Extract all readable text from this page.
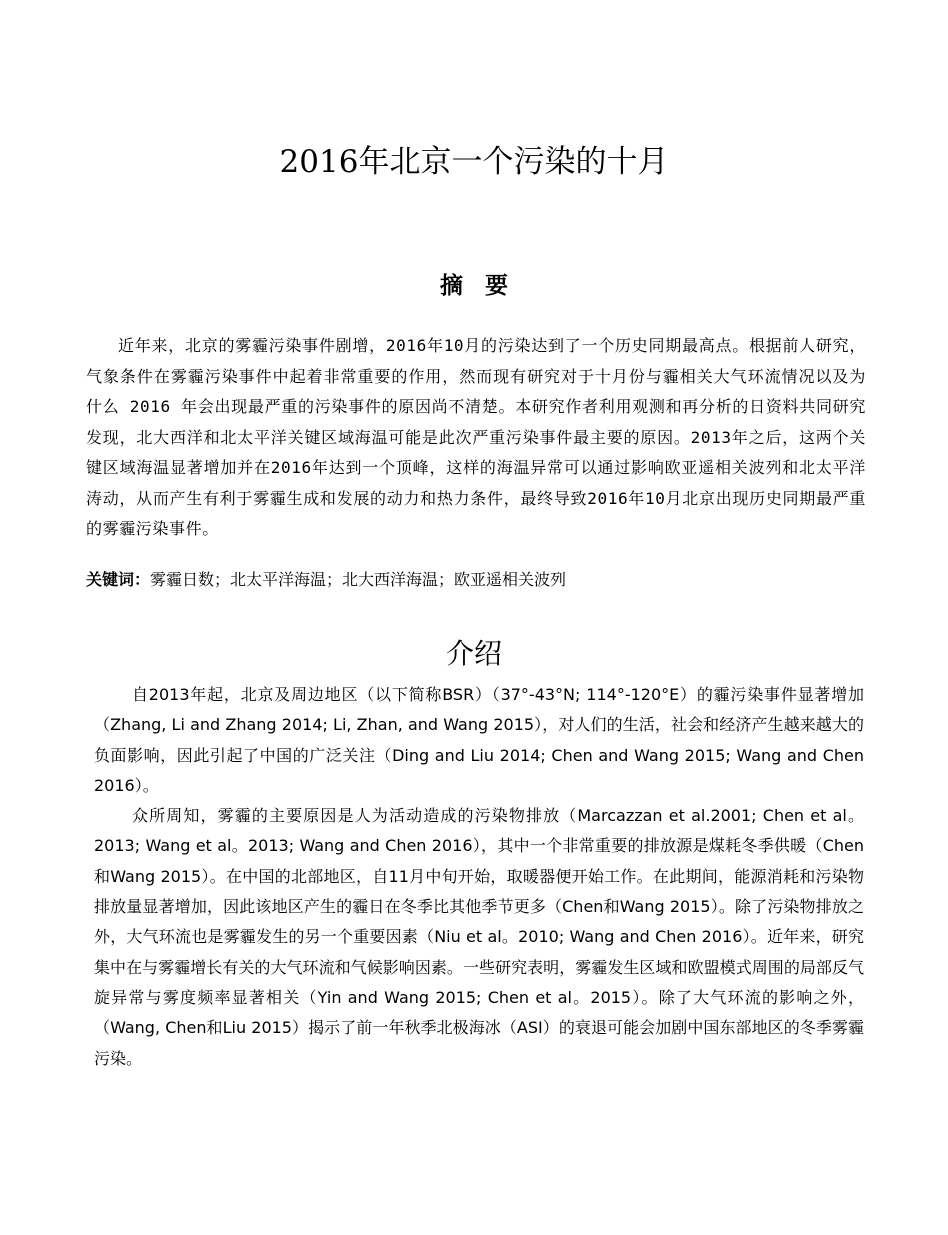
2016年北京一个污染的十月
摘要
近年来，北京的雾霾污染事件剧增，2016年10月的污染达到了一个历史同期最高点。根据前人研究，气象条件在雾霾污染事件中起着非常重要的作用，然而现有研究对于十月份与霾相关大气环流情况以及为什么 2016 年会出现最严重的污染事件的原因尚不清楚。本研究作者利用观测和再分析的日资料共同研究发现，北大西洋和北太平洋关键区域海温可能是此次严重污染事件最主要的原因。2013年之后，这两个关键区域海温显著增加并在2016年达到一个顶峰，这样的海温异常可以通过影响欧亚遥相关波列和北太平洋涛动，从而产生有利于雾霾生成和发展的动力和热力条件，最终导致2016年10月北京出现历史同期最严重的雾霾污染事件。
关键词：雾霾日数；北太平洋海温；北大西洋海温；欧亚遥相关波列
介绍

自2013年起，北京及周边地区（以下简称BSR）（37°-43°N; 114°-120°E）的霾污染事件显著增加（Zhang, Li and Zhang 2014; Li, Zhan, and Wang 2015），对人们的生活，社会和经济产生越来越大的负面影响，因此引起了中国的广泛关注（Ding and Liu 2014; Chen and Wang 2015; Wang and Chen 2016）。

众所周知，雾霾的主要原因是人为活动造成的污染物排放（Marcazzan et al.2001; Chen et al。2013; Wang et al。2013; Wang and Chen 2016），其中一个非常重要的排放源是煤耗冬季供暖（Chen和Wang 2015）。在中国的北部地区，自11月中旬开始，取暖器便开始工作。在此期间，能源消耗和污染物排放量显著增加，因此该地区产生的霾日在冬季比其他季节更多（Chen和Wang 2015）。除了污染物排放之外，大气环流也是雾霾发生的另一个重要因素（Niu et al。2010; Wang and Chen 2016）。近年来，研究集中在与雾霾增长有关的大气环流和气候影响因素。一些研究表明，雾霾发生区域和欧盟模式周围的局部反气旋异常与雾度频率显著相关（Yin and Wang 2015; Chen et al。2015）。除了大气环流的影响之外，（Wang, Chen和Liu 2015）揭示了前一年秋季北极海冰（ASI）的衰退可能会加剧中国东部地区的冬季雾霾污染。
